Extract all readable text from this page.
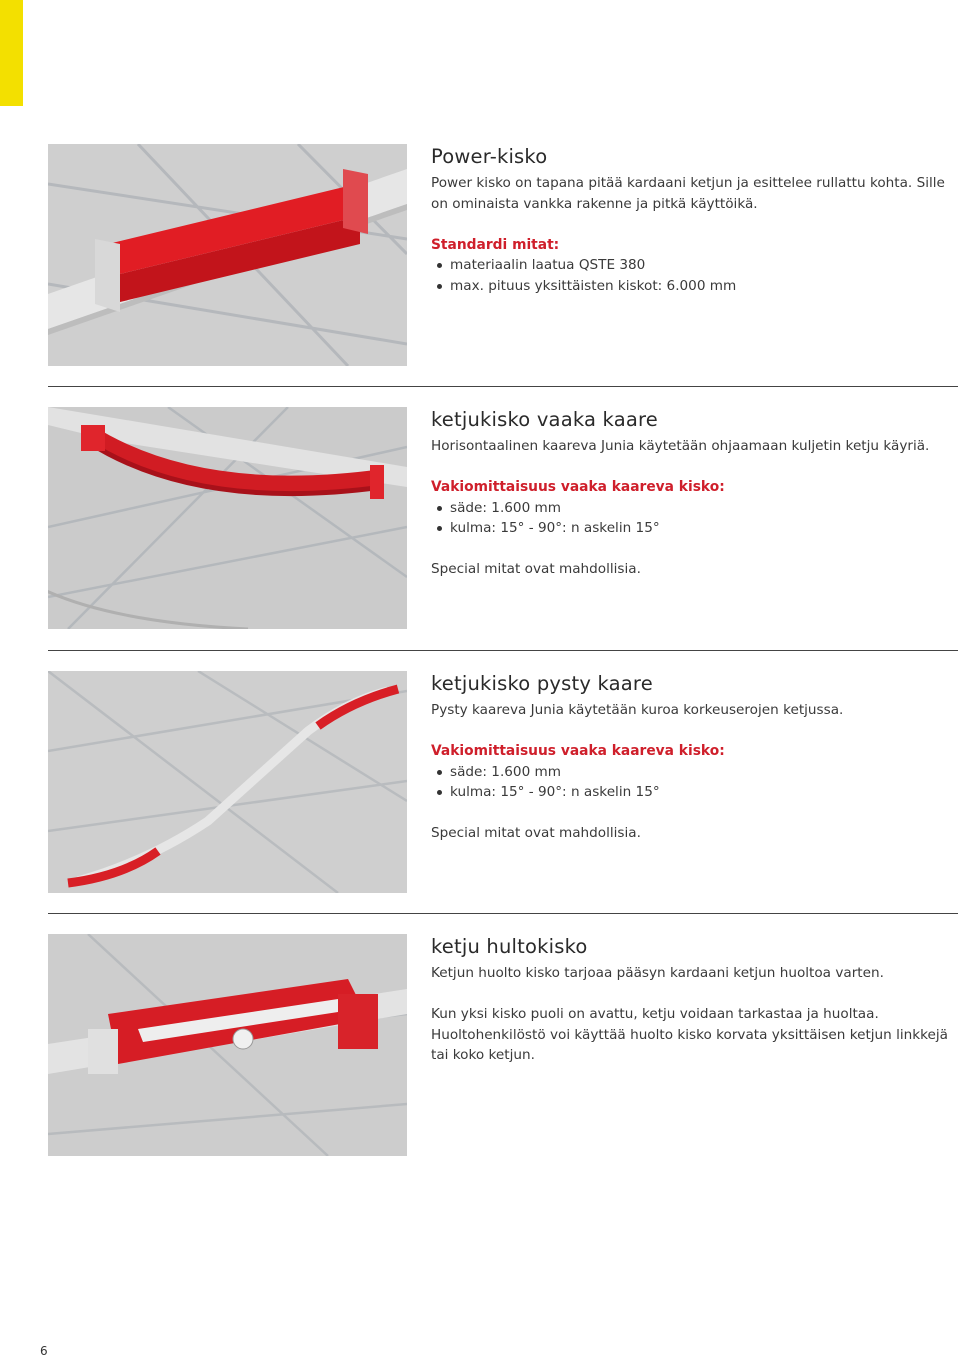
Power-kisko

Power kisko on tapana pitää kardaani ketjun ja esittelee rullattu kohta. Sille on ominaista vankka rakenne ja pitkä käyttöikä.

Standardi mitat:

materiaalin laatua QSTE 380
max. pituus yksittäisten kiskot: 6.000 mm
ketjukisko vaaka kaare

Horisontaalinen kaareva Junia käytetään ohjaamaan kuljetin ketju käyriä.

Vakiomittaisuus vaaka kaareva kisko:

säde: 1.600 mm
kulma: 15° - 90°: n askelin 15°

Special mitat ovat mahdollisia.

ketjukisko pysty kaare

Pysty kaareva Junia käytetään kuroa korkeuserojen ketjussa.

Vakiomittaisuus vaaka kaareva kisko:

säde: 1.600 mm
kulma: 15° - 90°: n askelin 15°

Special mitat ovat mahdollisia.

ketju hultokisko

Ketjun huolto kisko tarjoaa pääsyn kardaani ketjun huoltoa varten.

Kun yksi kisko puoli on avattu, ketju voidaan tarkastaa ja huoltaa. Huoltohenkilöstö voi käyttää huolto kisko korvata yksittäisen ketjun linkkejä tai koko ketjun.

6
